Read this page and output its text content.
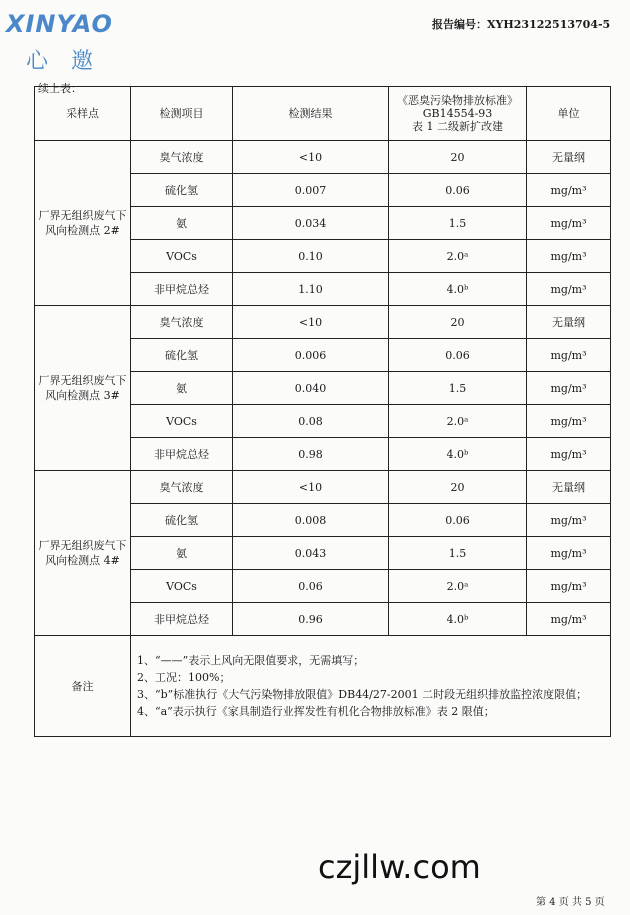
XINYAO
心 邀
报告编号：XYH23122513704-5
续上表：
采样点	检测项目	检测结果	《恶臭污染物排放标准》
GB14554-93
表 1 二级新扩改建	单位
厂界无组织废气下风向检测点 2#	臭气浓度	<10	20	无量纲
	硫化氢	0.007	0.06	mg/m³
	氨	0.034	1.5	mg/m³
	VOCs	0.10	2.0ᵃ	mg/m³
	非甲烷总烃	1.10	4.0ᵇ	mg/m³
厂界无组织废气下风向检测点 3#	臭气浓度	<10	20	无量纲
	硫化氢	0.006	0.06	mg/m³
	氨	0.040	1.5	mg/m³
	VOCs	0.08	2.0ᵃ	mg/m³
	非甲烷总烃	0.98	4.0ᵇ	mg/m³
厂界无组织废气下风向检测点 4#	臭气浓度	<10	20	无量纲
	硫化氢	0.008	0.06	mg/m³
	氨	0.043	1.5	mg/m³
	VOCs	0.06	2.0ᵃ	mg/m³
	非甲烷总烃	0.96	4.0ᵇ	mg/m³
备注	1、“——”表示上风向无限值要求，无需填写；
2、工况：100%；
3、“b”标准执行《大气污染物排放限值》DB44/27-2001 二时段无组织排放监控浓度限值；
4、“a”表示执行《家具制造行业挥发性有机化合物排放标准》表 2 限值；			
czjllw.com
第 4 页 共 5 页
